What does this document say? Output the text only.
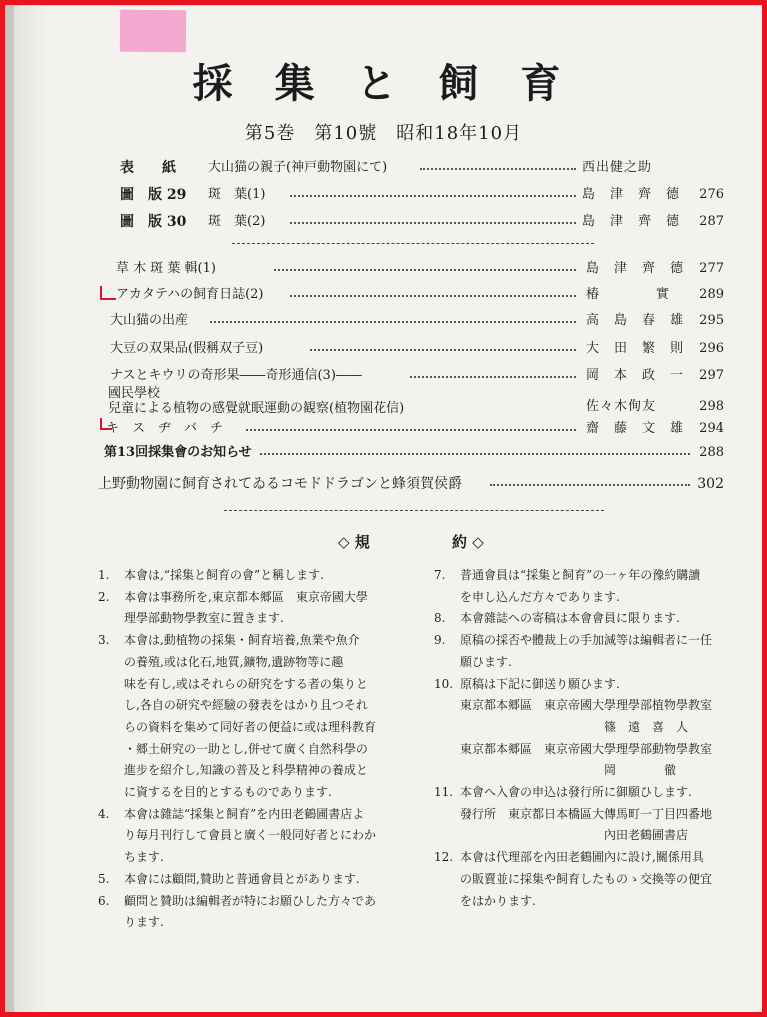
採 集 と 飼 育
第5巻　第10號　昭和18年10月
表　　紙 大山猫の親子(神戸動物園にて)	西出健之助
圖　版 29 斑　葉(1)	島　津　齊　德 276
圖　版 30 斑　葉(2)	島　津　齊　德 287
草 木 斑 葉 輯(1)	島　津　齊　德 277
アカタテハの飼育日誌(2)	椿　　　　實 289
大山猫の出産	高　島　春　雄 295
大豆の双果品(假稱双子豆)	大　田　繁　則 296
ナスとキウリの奇形果――奇形通信(3)――	岡　本　政　一 297
國民學校
兒童による植物の感覺就眠運動の観察(植物園花信)	佐々木侚友	298
キ　ス　ヂ　バ　チ	齋　藤　文　雄 294
第13回採集會のお知らせ	288
上野動物園に飼育されてゐるコモドドラゴンと蜂須賀侯爵	302
◇ 規	約 ◇
1. 本會は,“採集と飼育の會”と稱します.
2. 本會は事務所を,東京都本郷區　東京帝國大學
理學部動物學教室に置きます.
3. 本會は,動植物の採集・飼育培養,魚業や魚介
の養殖,或は化石,地質,鑛物,遺跡物等に趣
味を有し,或はそれらの研究をする者の集りと
し,各自の研究や經驗の發表をはかり且つそれ
らの資料を集めて同好者の便益に或は理科教育
・郷土研究の一助とし,併せて廣く自然科學の
進步を紹介し,知識の普及と科學精神の養成と
に資するを目的とするものであります.
4. 本會は雜誌“採集と飼育”を内田老鶴圃書店よ
り毎月刊行して會員と廣く一般同好者とにわか
ちます.
5. 本會には顧問,贊助と普通會員とがあります.
6. 顧問と贊助は編輯者が特にお願ひした方々であ
ります.
7. 普通會員は“採集と飼育”の一ヶ年の豫約購讀
を申し込んだ方々であります.
8. 本會雜誌への寄稿は本會會員に限ります.
9. 原稿の採否や體裁上の手加減等は編輯者に一任
願ひます.
10. 原稿は下記に御送り願ひます.
東京都本郷區　東京帝國大學理學部植物學教室
　　　　　　　　　　　　篠　遠　喜　人
東京都本郷區　東京帝國大學理學部動物學教室
　　　　　　　　　　　　岡　　　　徹
11. 本會へ入會の申込は發行所に御願ひします.
發行所　東京都日本橋區大傳馬町一丁目四番地
　　　　　　　　　　　　內田老鶴圃書店
12. 本會は代理部を內田老鶴圃內に設け,關係用具
の販賣並に採集や飼育したものゝ交換等の便宜
をはかります.
